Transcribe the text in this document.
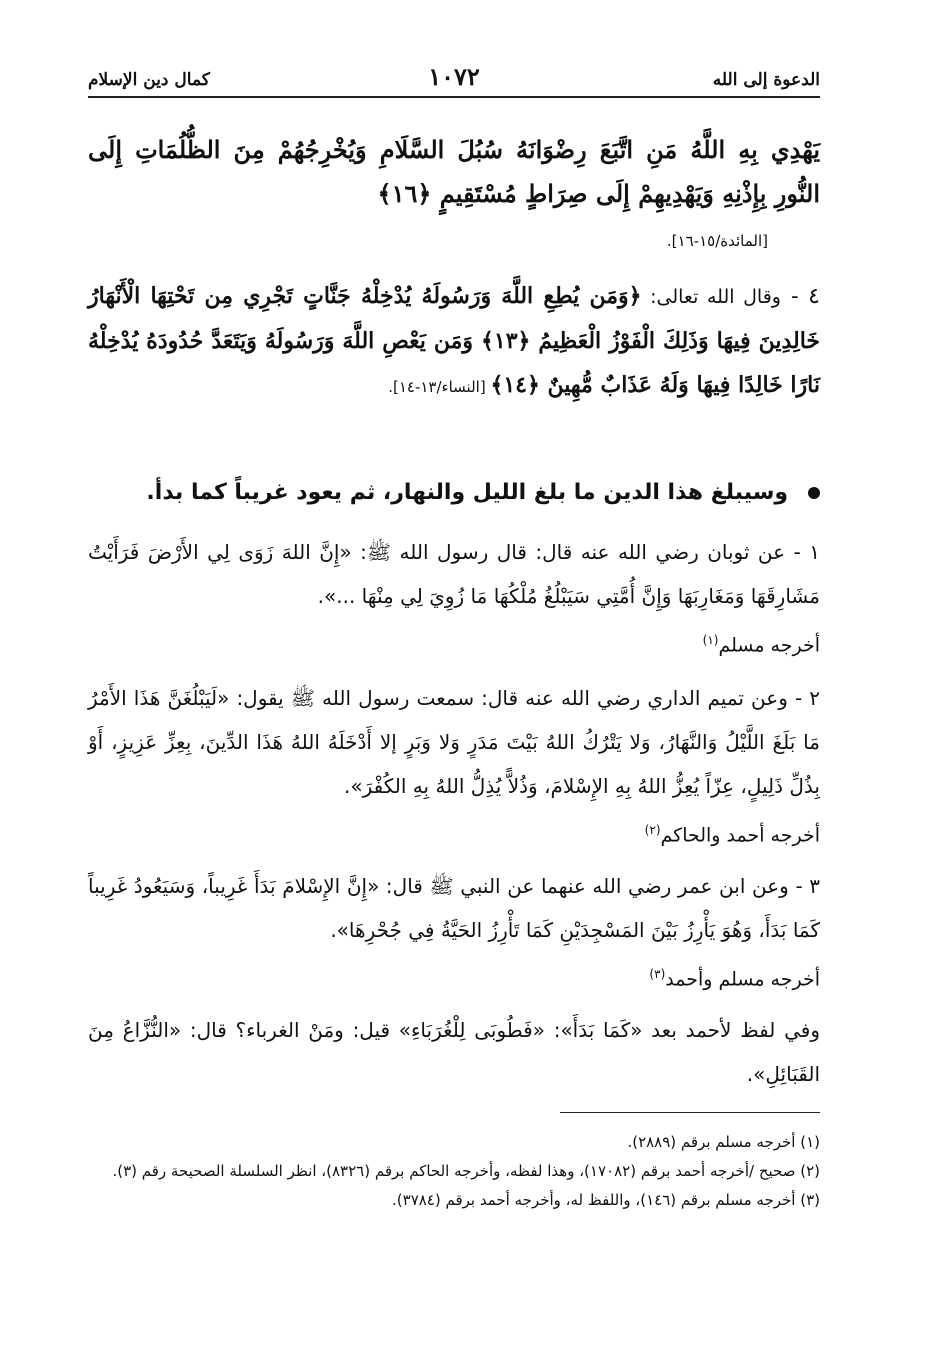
الدعوة إلى الله
١٠٧٢
كمال دين الإسلام
يَهْدِي بِهِ اللَّهُ مَنِ اتَّبَعَ رِضْوَانَهُ سُبُلَ السَّلَامِ وَيُخْرِجُهُمْ مِنَ الظُّلُمَاتِ إِلَى النُّورِ بِإِذْنِهِ وَيَهْدِيهِمْ إِلَى صِرَاطٍ مُسْتَقِيمٍ ﴿١٦﴾
[المائدة/١٥-١٦].
٤ - وقال الله تعالى: ﴿وَمَن يُطِعِ اللَّهَ وَرَسُولَهُ يُدْخِلْهُ جَنَّاتٍ تَجْرِي مِن تَحْتِهَا الْأَنْهَارُ خَالِدِينَ فِيهَا وَذَلِكَ الْفَوْزُ الْعَظِيمُ ﴿١٣﴾ وَمَن يَعْصِ اللَّهَ وَرَسُولَهُ وَيَتَعَدَّ حُدُودَهُ يُدْخِلْهُ نَارًا خَالِدًا فِيهَا وَلَهُ عَذَابٌ مُّهِينٌ ﴿١٤﴾ [النساء/١٣-١٤].
وسيبلغ هذا الدين ما بلغ الليل والنهار، ثم يعود غريباً كما بدأ.
١ - عن ثوبان رضي الله عنه قال: قال رسول الله ﷺ: «إِنَّ اللهَ زَوَى لِي الأَرْضَ فَرَأَيْتُ مَشَارِقَهَا وَمَغَارِبَهَا وَإِنَّ أُمَّتِي سَيَبْلُغُ مُلْكُهَا مَا زُوِيَ لِي مِنْهَا ...».
أخرجه مسلم$^{(١)}$
٢ - وعن تميم الداري رضي الله عنه قال: سمعت رسول الله ﷺ يقول: «لَيَبْلُغَنَّ هَذَا الأَمْرُ مَا بَلَغَ اللَّيْلُ وَالنَّهَارُ، وَلا يَتْرُكُ اللهُ بَيْتَ مَدَرٍ وَلا وَبَرٍ إلا أَدْخَلَهُ اللهُ هَذَا الدِّينَ، بِعِزِّ عَزِيزٍ، أَوْ بِذُلِّ ذَلِيلٍ، عِزّاً يُعِزُّ اللهُ بِهِ الإِسْلامَ، وَذُلاًّ يُذِلُّ اللهُ بِهِ الكُفْرَ».
أخرجه أحمد والحاكم$^{(٢)}$
٣ - وعن ابن عمر رضي الله عنهما عن النبي ﷺ قال: «إِنَّ الإِسْلامَ بَدَأَ غَرِيباً، وَسَيَعُودُ غَرِيباً كَمَا بَدَأَ، وَهُوَ يَأْرِزُ بَيْنَ المَسْجِدَيْنِ كَمَا تَأْرِزُ الحَيَّةُ فِي جُحْرِهَا».
أخرجه مسلم وأحمد$^{(٣)}$
وفي لفظ لأحمد بعد «كَمَا بَدَأَ»: «فَطُوبَى لِلْغُرَبَاءِ» قيل: ومَنْ الغرباء؟ قال: «النُّزَّاعُ مِنَ القَبَائِلِ».

(١) أخرجه مسلم برقم (٢٨٨٩).

(٢) صحيح /أخرجه أحمد برقم (١٧٠٨٢)، وهذا لفظه، وأخرجه الحاكم برقم (٨٣٢٦)، انظر السلسلة الصحيحة رقم (٣).

(٣) أخرجه مسلم برقم (١٤٦)، واللفظ له، وأخرجه أحمد برقم (٣٧٨٤).
